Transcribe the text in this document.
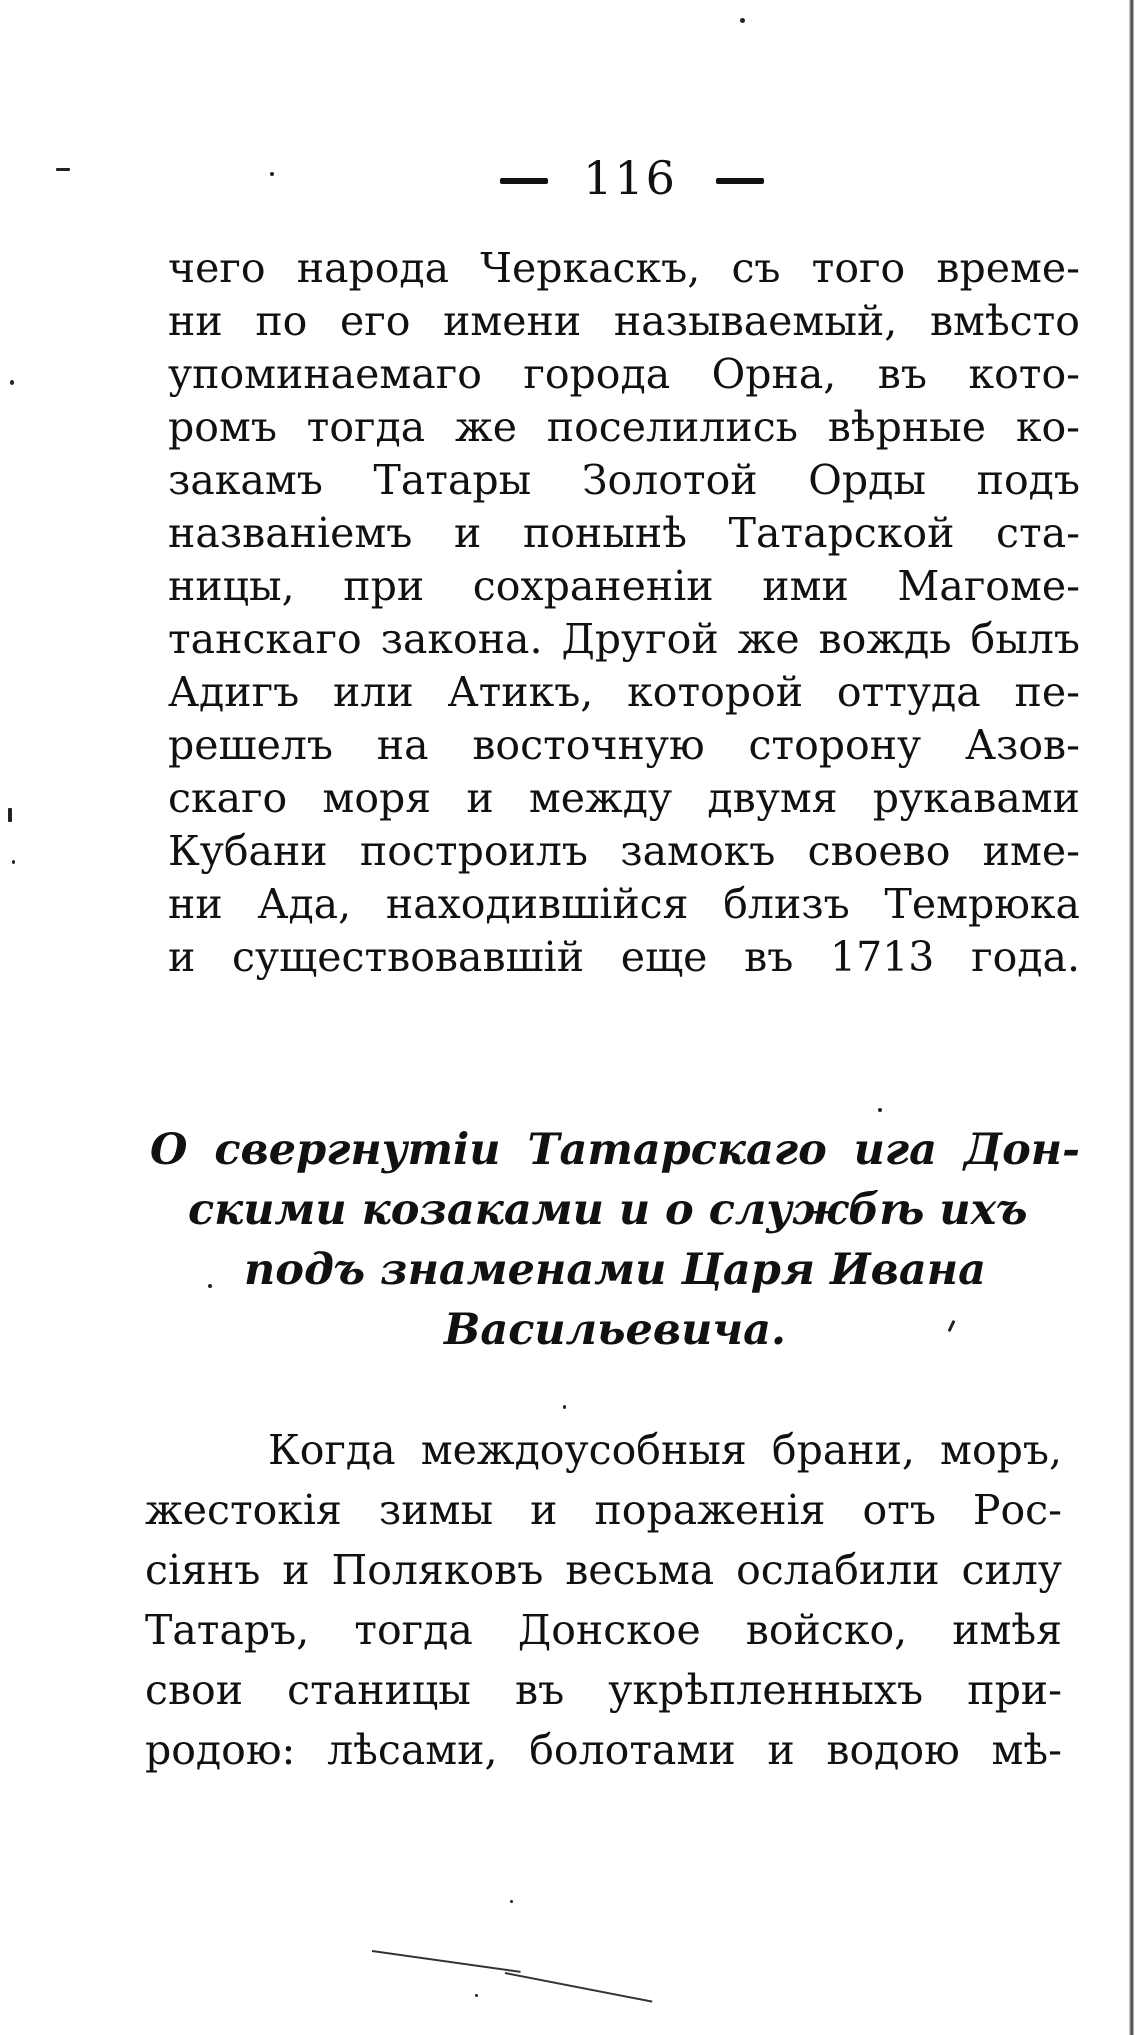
116
чего народа Черкаскъ, съ того време-
ни по его имени называемый, вмѣсто
упоминаемаго города Орна, въ кото-
ромъ тогда же поселились вѣрные ко-
закамъ Татары Золотой Орды подъ
названіемъ и понынѣ Татарской ста-
ницы, при сохраненіи ими Магоме-
танскаго закона. Другой же вождь былъ
Адигъ или Атикъ, которой оттуда пе-
решелъ на восточную сторону Азов-
скаго моря и между двумя рукавами
Кубани построилъ замокъ своево име-
ни Ада, находившійся близъ Темрюка
и существовавшій еще въ 1713 года.
О свергнутіи Татарскаго ига Дон-
скими козаками и о службѣ ихъ
подъ знаменами Царя Ивана
Васильевича.
Когда междоусобныя брани, моръ,
жестокія зимы и пораженія отъ Рос-
сіянъ и Поляковъ весьма ослабили силу
Татаръ, тогда Донское войско, имѣя
свои станицы въ укрѣпленныхъ при-
родою: лѣсами, болотами и водою мѣ-
